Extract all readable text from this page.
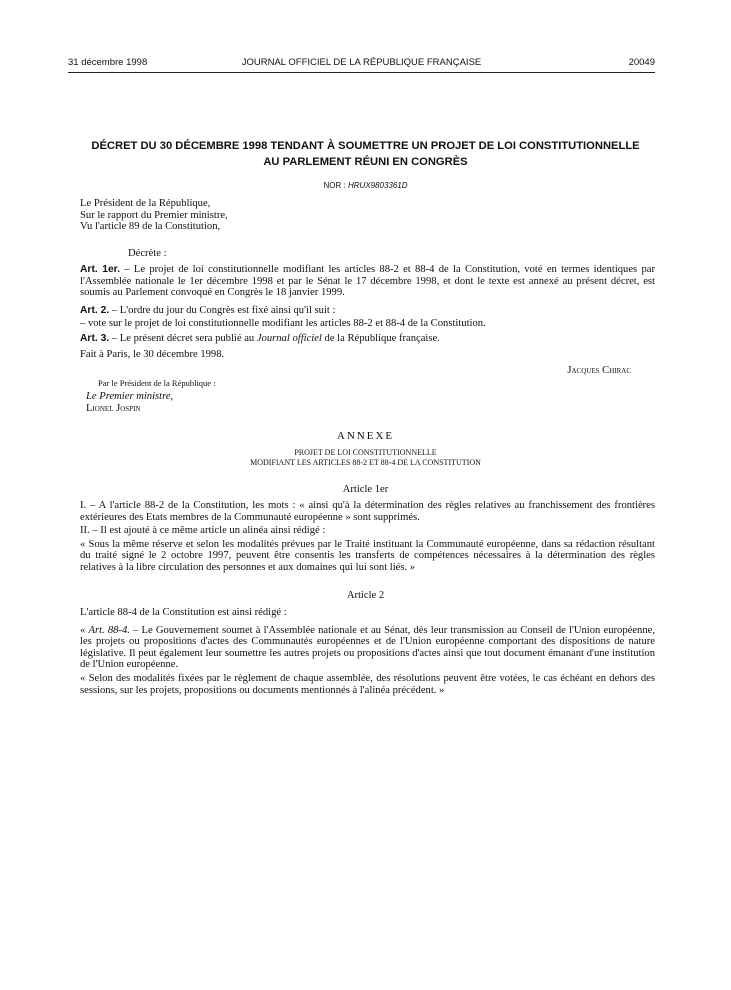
31 décembre 1998	JOURNAL OFFICIEL DE LA RÉPUBLIQUE FRANÇAISE	20049
DÉCRET DU 30 DÉCEMBRE 1998 TENDANT À SOUMETTRE UN PROJET DE LOI CONSTITUTIONNELLE
AU PARLEMENT RÉUNI EN CONGRÈS
NOR : HRUX9803361D

Le Président de la République,

Sur le rapport du Premier ministre,

Vu l'article 89 de la Constitution,

Décrète :

Art. 1er. – Le projet de loi constitutionnelle modifiant les articles 88-2 et 88-4 de la Constitution, voté en termes identiques par l'Assemblée nationale le 1er décembre 1998 et par le Sénat le 17 décembre 1998, et dont le texte est annexé au présent décret, est soumis au Parlement convoqué en Congrès le 18 janvier 1999.

Art. 2. – L'ordre du jour du Congrès est fixé ainsi qu'il suit :

– vote sur le projet de loi constitutionnelle modifiant les articles 88-2 et 88-4 de la Constitution.

Art. 3. – Le présent décret sera publié au Journal officiel de la République française.

Fait à Paris, le 30 décembre 1998.

Jacques Chirac

Par le Président de la République :

Le Premier ministre,

Lionel Jospin

ANNEXE

PROJET DE LOI CONSTITUTIONNELLE

MODIFIANT LES ARTICLES 88-2 ET 88-4 DE LA CONSTITUTION

Article 1er

I. – A l'article 88-2 de la Constitution, les mots : « ainsi qu'à la détermination des règles relatives au franchissement des frontières extérieures des Etats membres de la Communauté européenne » sont supprimés.

II. – Il est ajouté à ce même article un alinéa ainsi rédigé :

« Sous la même réserve et selon les modalités prévues par le Traité instituant la Communauté européenne, dans sa rédaction résultant du traité signé le 2 octobre 1997, peuvent être consentis les transferts de compétences nécessaires à la détermination des règles relatives à la libre circulation des personnes et aux domaines qui lui sont liés. »

Article 2

L'article 88-4 de la Constitution est ainsi rédigé :

« Art. 88-4. – Le Gouvernement soumet à l'Assemblée nationale et au Sénat, dès leur transmission au Conseil de l'Union européenne, les projets ou propositions d'actes des Communautés européennes et de l'Union européenne comportant des dispositions de nature législative. Il peut également leur soumettre les autres projets ou propositions d'actes ainsi que tout document émanant d'une institution de l'Union européenne.

« Selon des modalités fixées par le règlement de chaque assemblée, des résolutions peuvent être votées, le cas échéant en dehors des sessions, sur les projets, propositions ou documents mentionnés à l'alinéa précédent. »
